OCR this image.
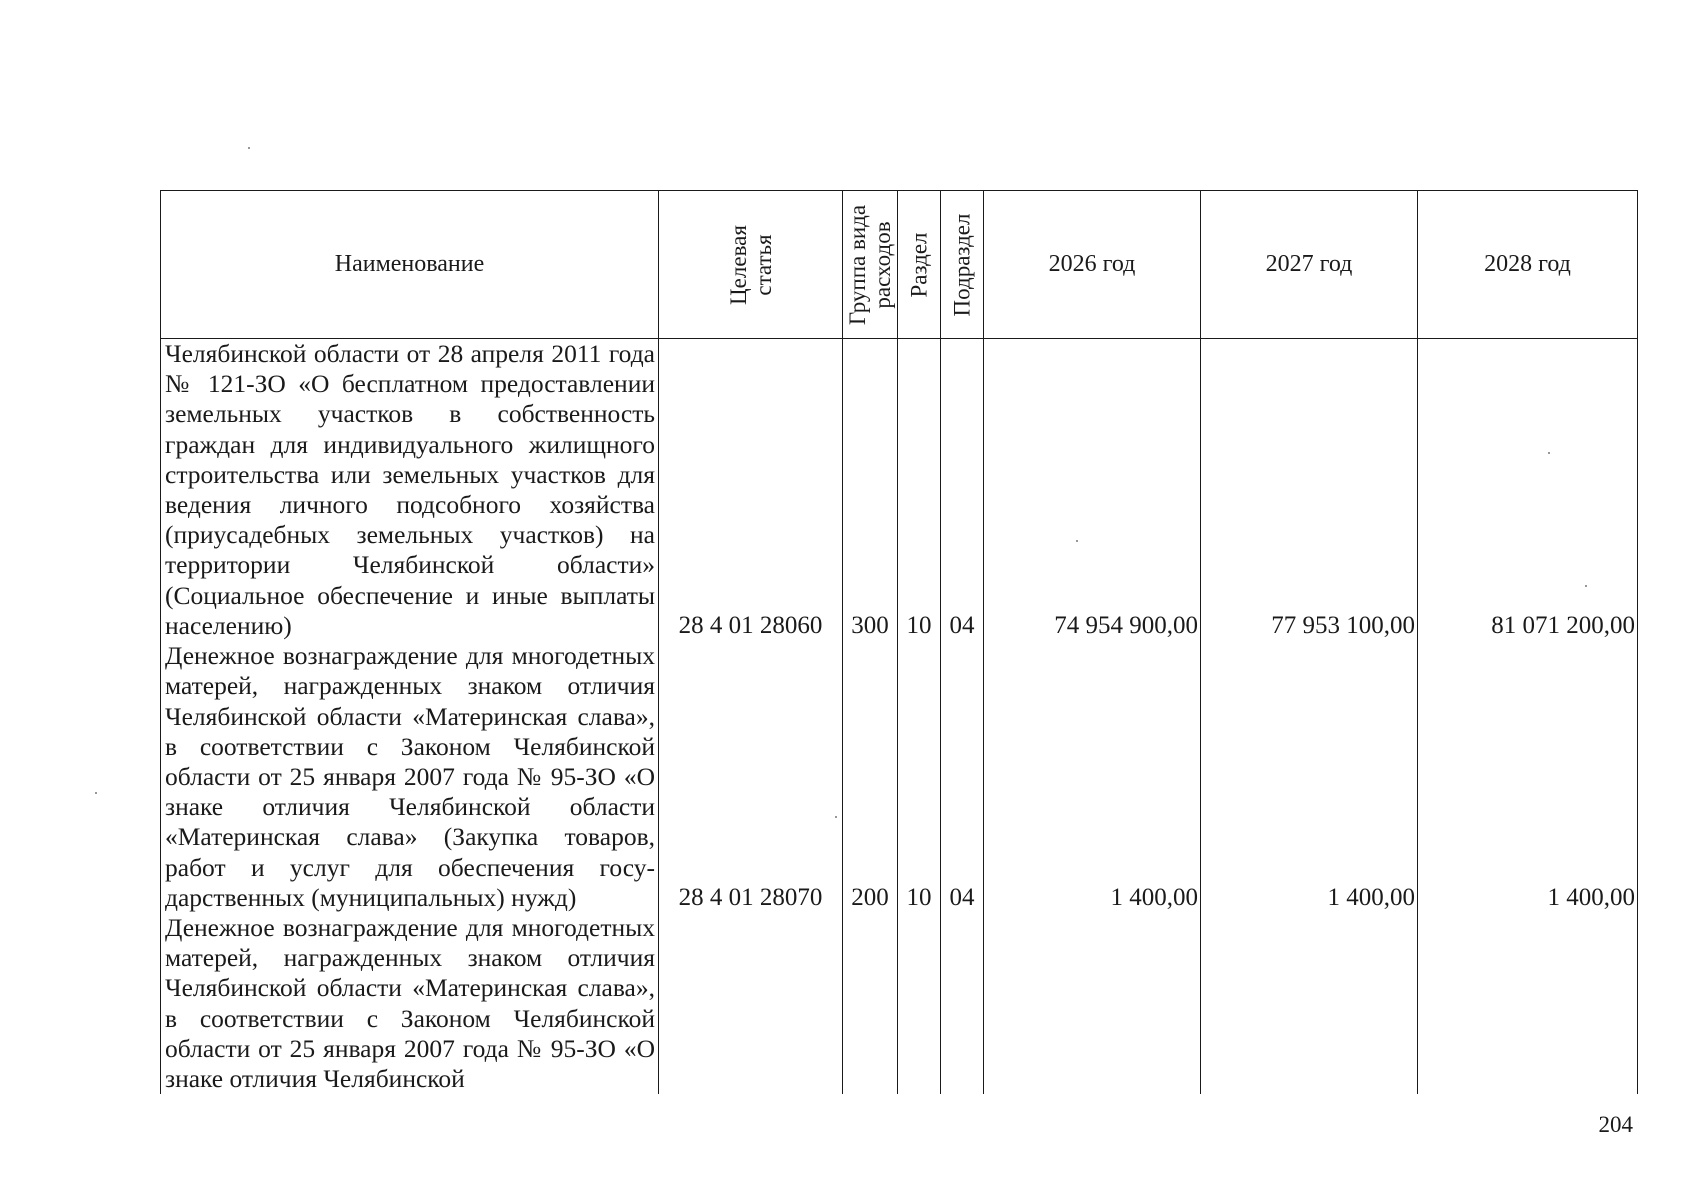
Наименование	Целевая статья	Группа вида расходов	Раздел	Подраздел	2026 год	2027 год	2028 год
Челябинской области от 28 апреля 2011 года № 121-ЗО «О бесплатном предоставлении земельных участков в собственность граждан для индивидуального жилищного строительства или земельных участков для ведения личного подсобного хозяйства (приусадебных земельных участков) на территории Челябинской области» (Социальное обеспечение и иные выплаты населению)	28 4 01 28060	300	10	04	74 954 900,00	77 953 100,00	81 071 200,00
Денежное вознаграждение для многодетных матерей, награжденных знаком отличия Челябинской области «Материнская слава», в соответствии с Законом Челябинской области от 25 января 2007 года № 95-ЗО «О знаке отличия Челябинской области «Материнская слава» (Закупка товаров, работ и услуг для обеспечения государственных (муниципальных) нужд)	28 4 01 28070	200	10	04	1 400,00	1 400,00	1 400,00
Денежное вознаграждение для многодетных матерей, награжденных знаком отличия Челябинской области «Материнская слава», в соответствии с Законом Челябинской области от 25 января 2007 года № 95-ЗО «О знаке отличия Челябинской							
204
